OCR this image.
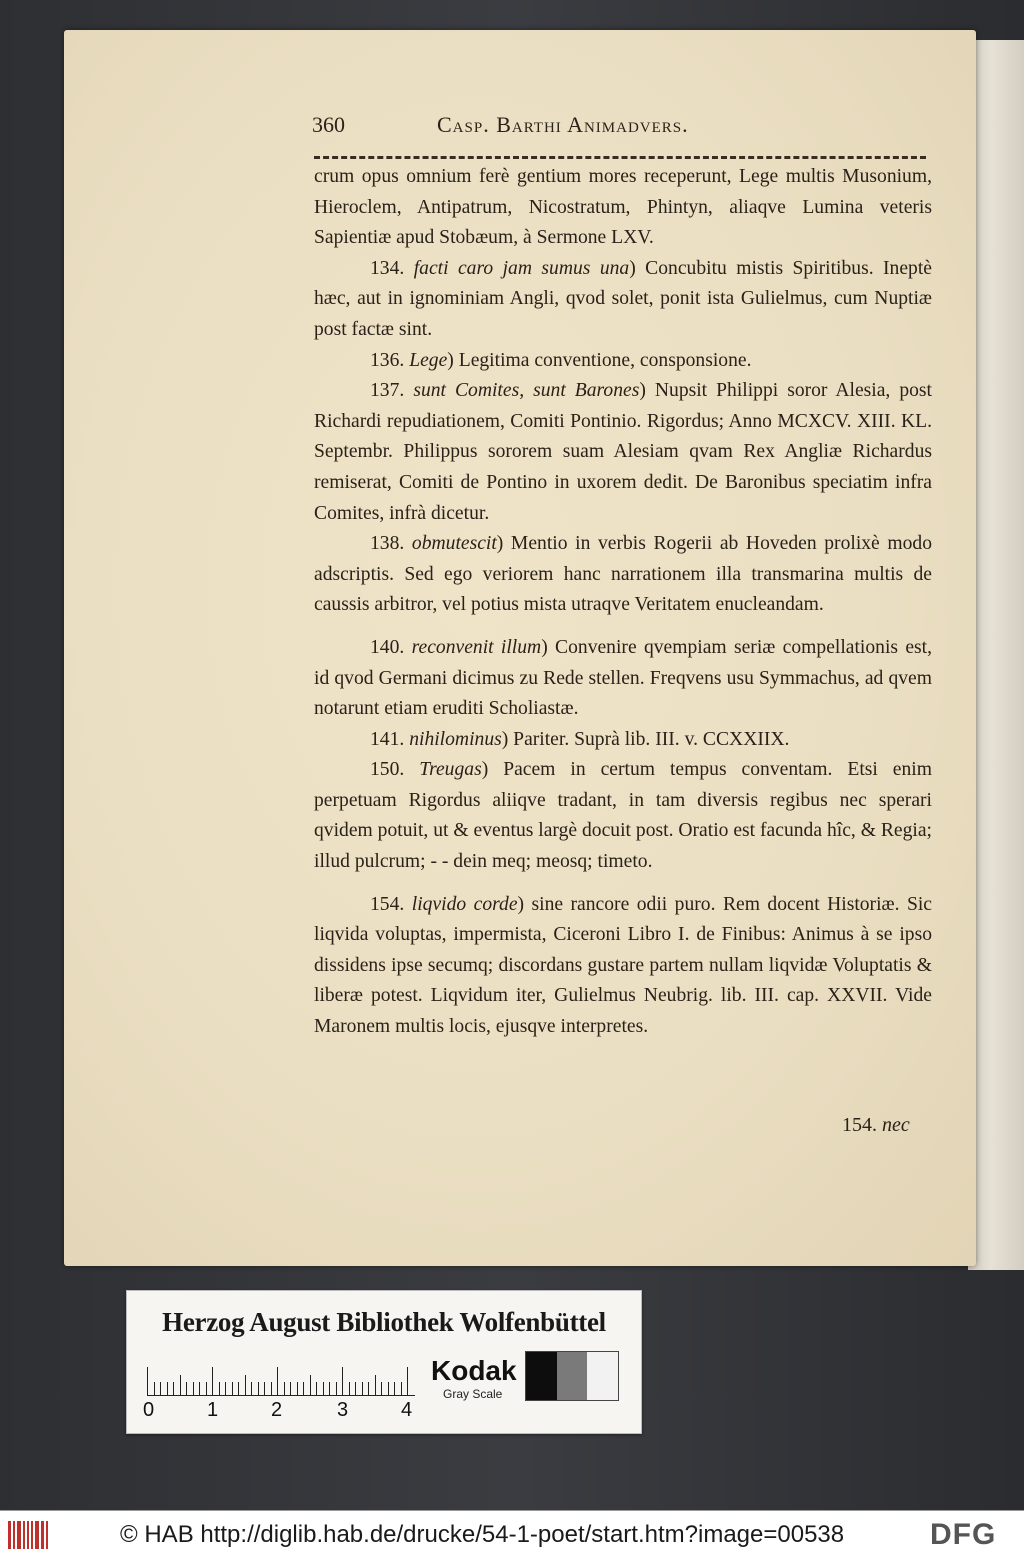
360	Casp. Barthi Animadvers.

crum opus omnium ferè gentium mores receperunt, Lege multis Musonium, Hieroclem, Antipatrum, Nicostratum, Phintyn, aliaqve Lumina veteris Sapientiæ apud Stobæum, à Sermone LXV.

134. facti caro jam sumus una) Concubitu mistis Spiritibus. Ineptè hæc, aut in ignominiam Angli, qvod solet, ponit ista Gulielmus, cum Nuptiæ post factæ sint.

136. Lege) Legitima conventione, consponsione.

137. sunt Comites, sunt Barones) Nupsit Philippi soror Alesia, post Richardi repudiationem, Comiti Pontinio. Rigordus; Anno MCXCV. XIII. KL. Septembr. Philippus sororem suam Alesiam qvam Rex Angliæ Richardus remiserat, Comiti de Pontino in uxorem dedit. De Baronibus speciatim infra Comites, infrà dicetur.

138. obmutescit) Mentio in verbis Rogerii ab Hoveden prolixè modo adscriptis. Sed ego veriorem hanc narrationem illa transmarina multis de caussis arbitror, vel potius mista utraqve Veritatem enucleandam.

140. reconvenit illum) Convenire qvempiam seriæ compellationis est, id qvod Germani dicimus zu Rede stellen. Freqvens usu Symmachus, ad qvem notarunt etiam eruditi Scholiastæ.

141. nihilominus) Pariter. Suprà lib. III. v. CCXXIIX.

150. Treugas) Pacem in certum tempus conventam. Etsi enim perpetuam Rigordus aliiqve tradant, in tam diversis regibus nec sperari qvidem potuit, ut & eventus largè docuit post. Oratio est facunda hîc, & Regia; illud pulcrum; - - dein meq; meosq; timeto.

154. liqvido corde) sine rancore odii puro. Rem docent Historiæ. Sic liqvida voluptas, impermista, Ciceroni Libro I. de Finibus: Animus à se ipso dissidens ipse secumq; discordans gustare partem nullam liqvidæ Voluptatis & liberæ potest. Liqvidum iter, Gulielmus Neubrig. lib. III. cap. XXVII. Vide Maronem multis locis, ejusqve interpretes.

154. nec
Herzog August Bibliothek Wolfenbüttel
0	1	2	3	4
Kodak
Gray Scale
© HAB http://diglib.hab.de/drucke/54-1-poet/start.htm?image=00538	DFG
